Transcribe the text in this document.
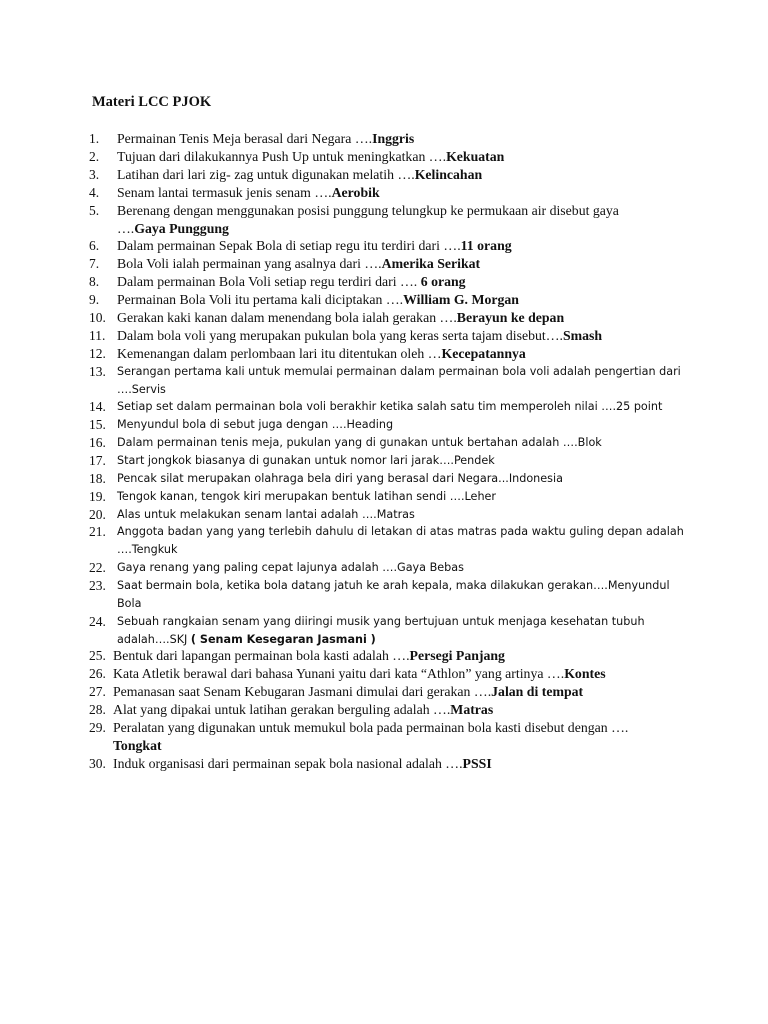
Materi LCC PJOK
1. Permainan Tenis Meja berasal dari Negara ….Inggris
2. Tujuan dari dilakukannya Push Up untuk meningkatkan ….Kekuatan
3. Latihan dari lari zig- zag untuk digunakan melatih ….Kelincahan
4. Senam lantai termasuk jenis senam ….Aerobik
5. Berenang dengan menggunakan posisi punggung telungkup ke permukaan air disebut gaya
….Gaya Punggung
6. Dalam permainan Sepak Bola di setiap regu itu terdiri dari ….11 orang
7. Bola Voli ialah permainan yang asalnya dari ….Amerika Serikat
8. Dalam permainan Bola Voli setiap regu terdiri dari …. 6 orang
9. Permainan Bola Voli itu pertama kali diciptakan ….William G. Morgan
10. Gerakan kaki kanan dalam menendang bola ialah gerakan ….Berayun ke depan
11. Dalam bola voli yang merupakan pukulan bola yang keras serta tajam disebut….Smash
12. Kemenangan dalam perlombaan lari itu ditentukan oleh …Kecepatannya
13. Serangan pertama kali untuk memulai permainan dalam permainan bola voli adalah pengertian dari
….Servis
14. Setiap set dalam permainan bola voli berakhir ketika salah satu tim memperoleh nilai ….25 point
15. Menyundul bola di sebut juga dengan ….Heading
16. Dalam permainan tenis meja, pukulan yang di gunakan untuk bertahan adalah ….Blok
17. Start jongkok biasanya di gunakan untuk nomor lari jarak….Pendek
18. Pencak silat merupakan olahraga bela diri yang berasal dari Negara...Indonesia
19. Tengok kanan, tengok kiri merupakan bentuk latihan sendi ….Leher
20. Alas untuk melakukan senam lantai adalah ….Matras
21. Anggota badan yang yang terlebih dahulu di letakan di atas matras pada waktu guling depan adalah
….Tengkuk
22. Gaya renang yang paling cepat lajunya adalah ….Gaya Bebas
23. Saat bermain bola, ketika bola datang jatuh ke arah kepala, maka dilakukan gerakan….Menyundul
Bola
24. Sebuah rangkaian senam yang diiringi musik yang bertujuan untuk menjaga kesehatan tubuh
adalah….SKJ ( Senam Kesegaran Jasmani )
25. Bentuk dari lapangan permainan bola kasti adalah ….Persegi Panjang
26. Kata Atletik berawal dari bahasa Yunani yaitu dari kata “Athlon” yang artinya ….Kontes
27. Pemanasan saat Senam Kebugaran Jasmani dimulai dari gerakan ….Jalan di tempat
28. Alat yang dipakai untuk latihan gerakan berguling adalah ….Matras
29. Peralatan yang digunakan untuk memukul bola pada permainan bola kasti disebut dengan ….
Tongkat
30. Induk organisasi dari permainan sepak bola nasional adalah ….PSSI
